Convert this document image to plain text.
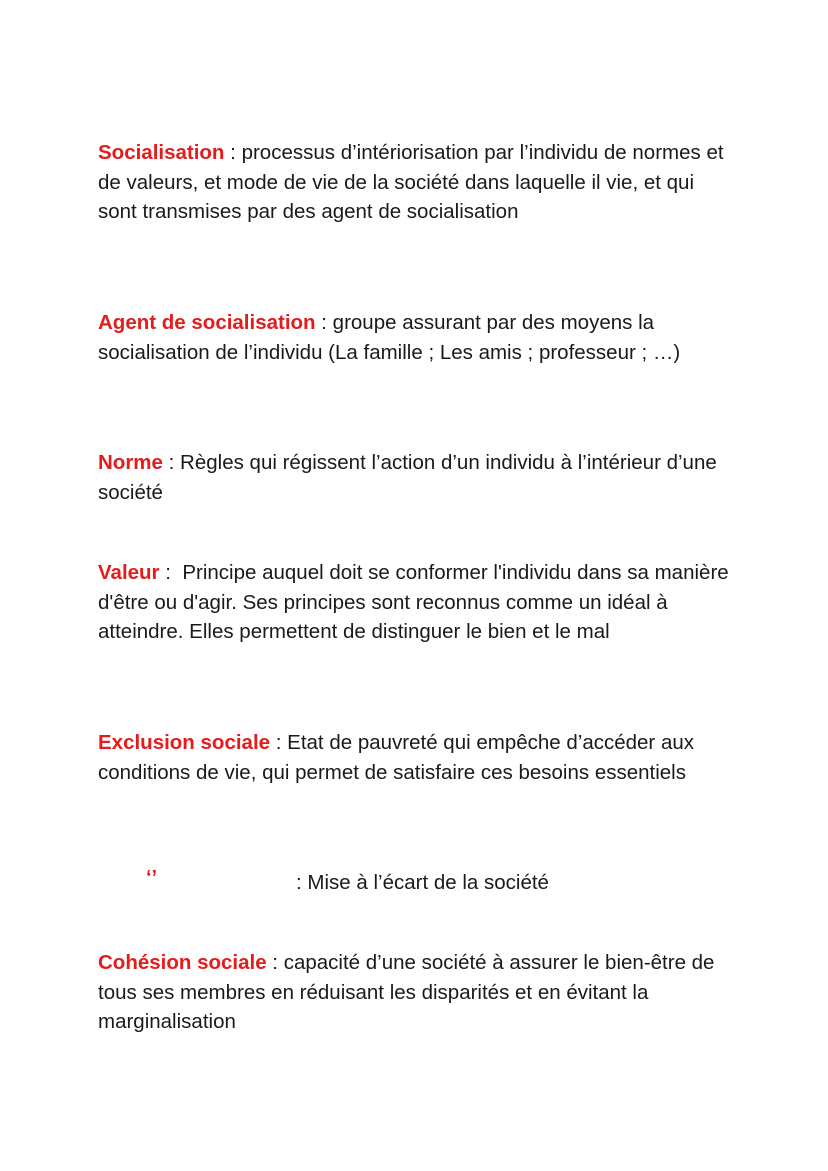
Socialisation : processus d’intériorisation par l’individu de normes et de valeurs, et mode de vie de la société dans laquelle il vie, et qui sont transmises par des agent de socialisation

Agent de socialisation : groupe assurant par des moyens la socialisation de l’individu (La famille ; Les amis ; professeur ; …)

Norme : Règles qui régissent l’action d’un individu à l’intérieur d’une société

Valeur :  Principe auquel doit se conformer l'individu dans sa manière d'être ou d'agir. Ses principes sont reconnus comme un idéal à atteindre. Elles permettent de distinguer le bien et le mal

Exclusion sociale : Etat de pauvreté qui empêche d’accéder aux conditions de vie, qui permet de satisfaire ces besoins essentiels

‘’	: Mise à l’écart de la société

Cohésion sociale : capacité d’une société à assurer le bien-être de tous ses membres en réduisant les disparités et en évitant la marginalisation
